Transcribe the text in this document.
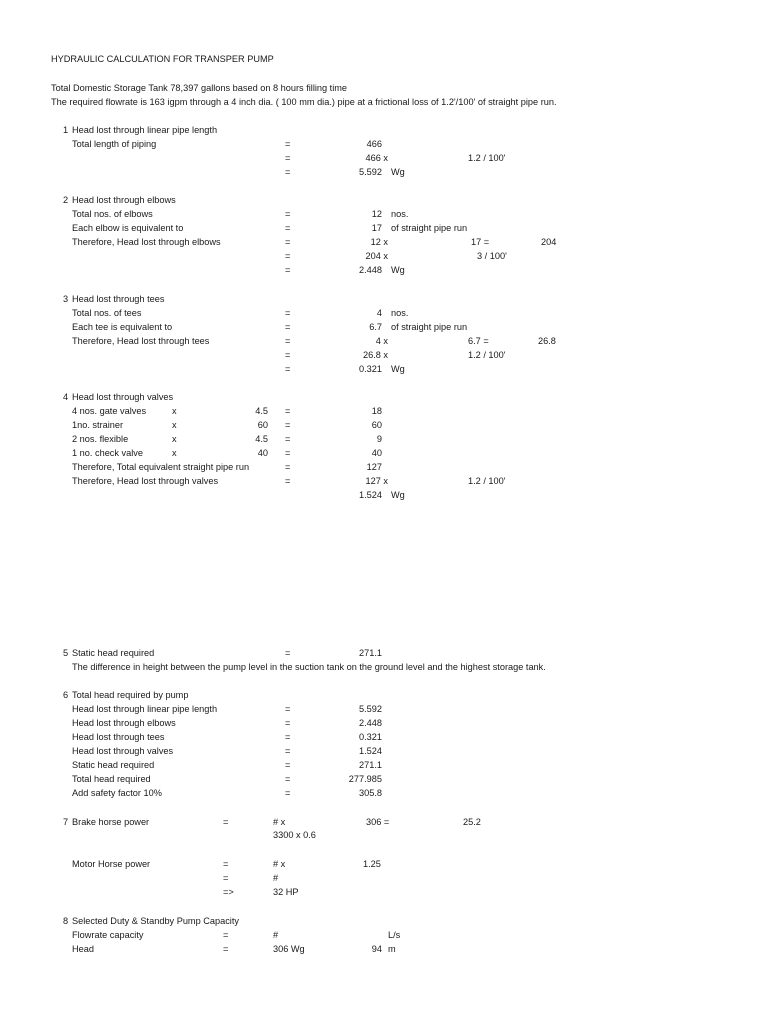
HYDRAULIC CALCULATION FOR TRANSPER PUMP
Total Domestic Storage Tank 78,397 gallons based on 8 hours filling time
The required flowrate is 163 igpm through a 4 inch dia. ( 100 mm dia.) pipe at a frictional loss of 1.2'/100' of straight pipe run.
1 Head lost through linear pipe length
Total length of piping	=	466
=	466 x	1.2 / 100'
=	5.592 Wg
2 Head lost through elbows
Total nos. of elbows	=	12 nos.
Each elbow is equivalent to	=	17 of straight pipe run
Therefore, Head lost through elbows	=	12 x	17 =	204
=	204 x	3 / 100'
=	2.448 Wg
3 Head lost through tees
Total nos. of tees	=	4 nos.
Each tee is equivalent to	=	6.7 of straight pipe run
Therefore, Head lost through tees	=	4 x	6.7 =	26.8
=	26.8 x	1.2 / 100'
=	0.321 Wg
4 Head lost through valves
4 nos. gate valves	x	4.5 =	18
1no. strainer	x	60 =	60
2 nos. flexible	x	4.5 =	9
1 no. check valve	x	40 =	40
Therefore, Total equivalent straight pipe run	=	127
Therefore, Head lost through valves	=	127 x	1.2 / 100'
1.524 Wg
5 Static head required	=	271.1
The difference in height between the pump level in the suction tank on the ground level and the highest storage tank.
6 Total head required by pump
Head lost through linear pipe length	=	5.592
Head lost through elbows	=	2.448
Head lost through tees	=	0.321
Head lost through valves	=	1.524
Static head required	=	271.1
Total head required	=	277.985
Add safety factor 10%	=	305.8
7 Brake horse power	=	# x	306 =	25.2
3300 x 0.6
Motor Horse power	=	# x	1.25
=	#
=>	32 HP
8 Selected Duty & Standby Pump Capacity
Flowrate capacity	=	#	L/s
Head	=	306 Wg	94 m
